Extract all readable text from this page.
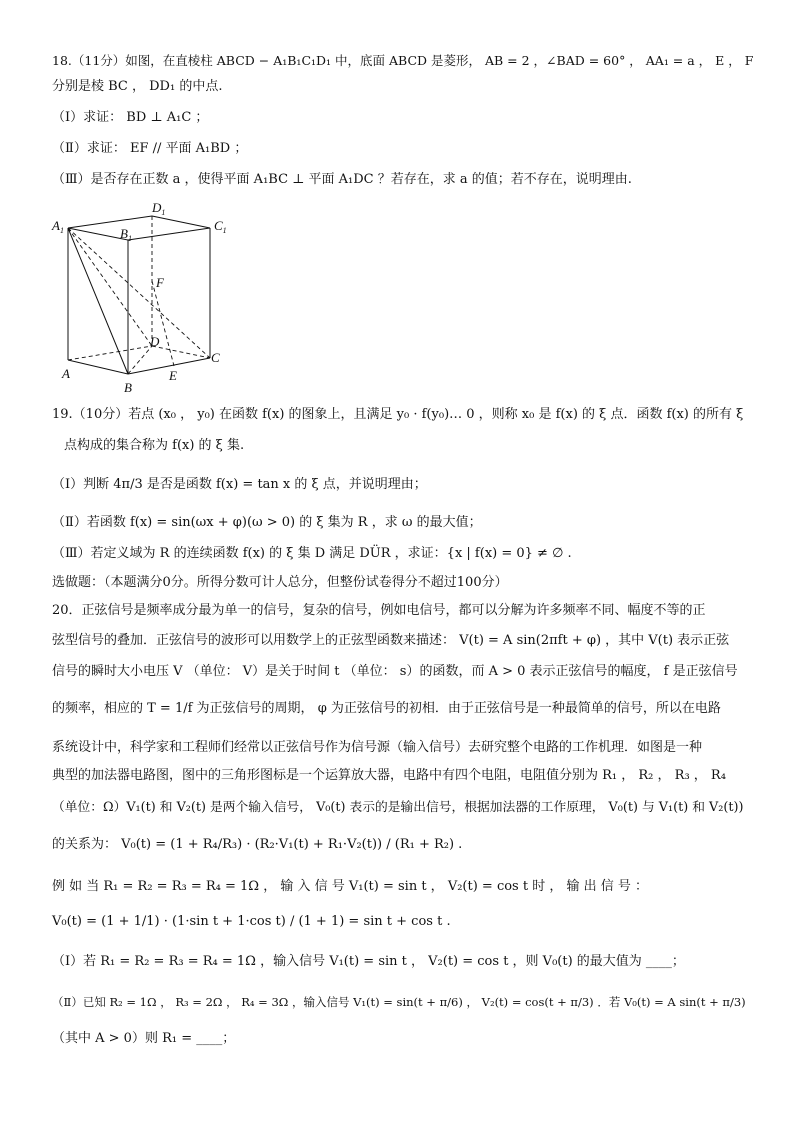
18.（11分）如图，在直棱柱 ABCD − A₁B₁C₁D₁ 中，底面 ABCD 是菱形， AB = 2 ，∠BAD = 60° ， AA₁ = a ， E ， F
分别是棱 BC ， DD₁ 的中点.
（Ⅰ）求证： BD ⊥ A₁C ；
（Ⅱ）求证： EF // 平面 A₁BD ；
（Ⅲ）是否存在正数 a ，使得平面 A₁BC ⊥ 平面 A₁DC ？若存在，求 a 的值；若不存在，说明理由.
$A_1$	$B_1$
$C_1$
$D_1$
F
D
A
B
C
E
19.（10分）若点 (x₀ ， y₀) 在函数 f(x) 的图象上，且满足 y₀ · f(y₀)… 0 ，则称 x₀ 是 f(x) 的 ξ 点．函数 f(x) 的所有 ξ
点构成的集合称为 f(x) 的 ξ 集.
（Ⅰ）判断 4π/3 是否是函数 f(x) = tan x 的 ξ 点，并说明理由；
（Ⅱ）若函数 f(x) = sin(ωx + φ)(ω > 0) 的 ξ 集为 R ，求 ω 的最大值；
（Ⅲ）若定义域为 R 的连续函数 f(x) 的 ξ 集 D 满足 DÜR ，求证：{x | f(x) = 0} ≠ ∅ .
选做题：（本题满分0分。所得分数可计人总分，但整份试卷得分不超过100分）
20．正弦信号是频率成分最为单一的信号，复杂的信号，例如电信号，都可以分解为许多频率不同、幅度不等的正
弦型信号的叠加．正弦信号的波形可以用数学上的正弦型函数来描述： V(t) = A sin(2πft + φ) ，其中 V(t) 表示正弦
信号的瞬时大小电压 V （单位： V）是关于时间 t （单位： s）的函数，而 A > 0 表示正弦信号的幅度， f 是正弦信号
的频率，相应的 T = 1/f 为正弦信号的周期， φ 为正弦信号的初相．由于正弦信号是一种最简单的信号，所以在电路
系统设计中，科学家和工程师们经常以正弦信号作为信号源（输入信号）去研究整个电路的工作机理．如图是一种
典型的加法器电路图，图中的三角形图标是一个运算放大器，电路中有四个电阻，电阻值分别为 R₁ ， R₂ ， R₃ ， R₄
（单位：Ω）V₁(t) 和 V₂(t) 是两个输入信号， V₀(t) 表示的是输出信号，根据加法器的工作原理， V₀(t) 与 V₁(t) 和 V₂(t))
的关系为： V₀(t) = (1 + R₄/R₃) · (R₂·V₁(t) + R₁·V₂(t)) / (R₁ + R₂) .
例 如 当 R₁ = R₂ = R₃ = R₄ = 1Ω ， 输 入 信 号 V₁(t) = sin t ， V₂(t) = cos t 时 ， 输 出 信 号 ：
V₀(t) = (1 + 1/1) · (1·sin t + 1·cos t) / (1 + 1) = sin t + cos t .
（Ⅰ）若 R₁ = R₂ = R₃ = R₄ = 1Ω ，输入信号 V₁(t) = sin t ， V₂(t) = cos t ，则 V₀(t) 的最大值为 ____；
（Ⅱ）已知 R₂ = 1Ω ， R₃ = 2Ω ， R₄ = 3Ω ，输入信号 V₁(t) = sin(t + π/6) ， V₂(t) = cos(t + π/3) ．若 V₀(t) = A sin(t + π/3)
（其中 A > 0）则 R₁ = ____；
